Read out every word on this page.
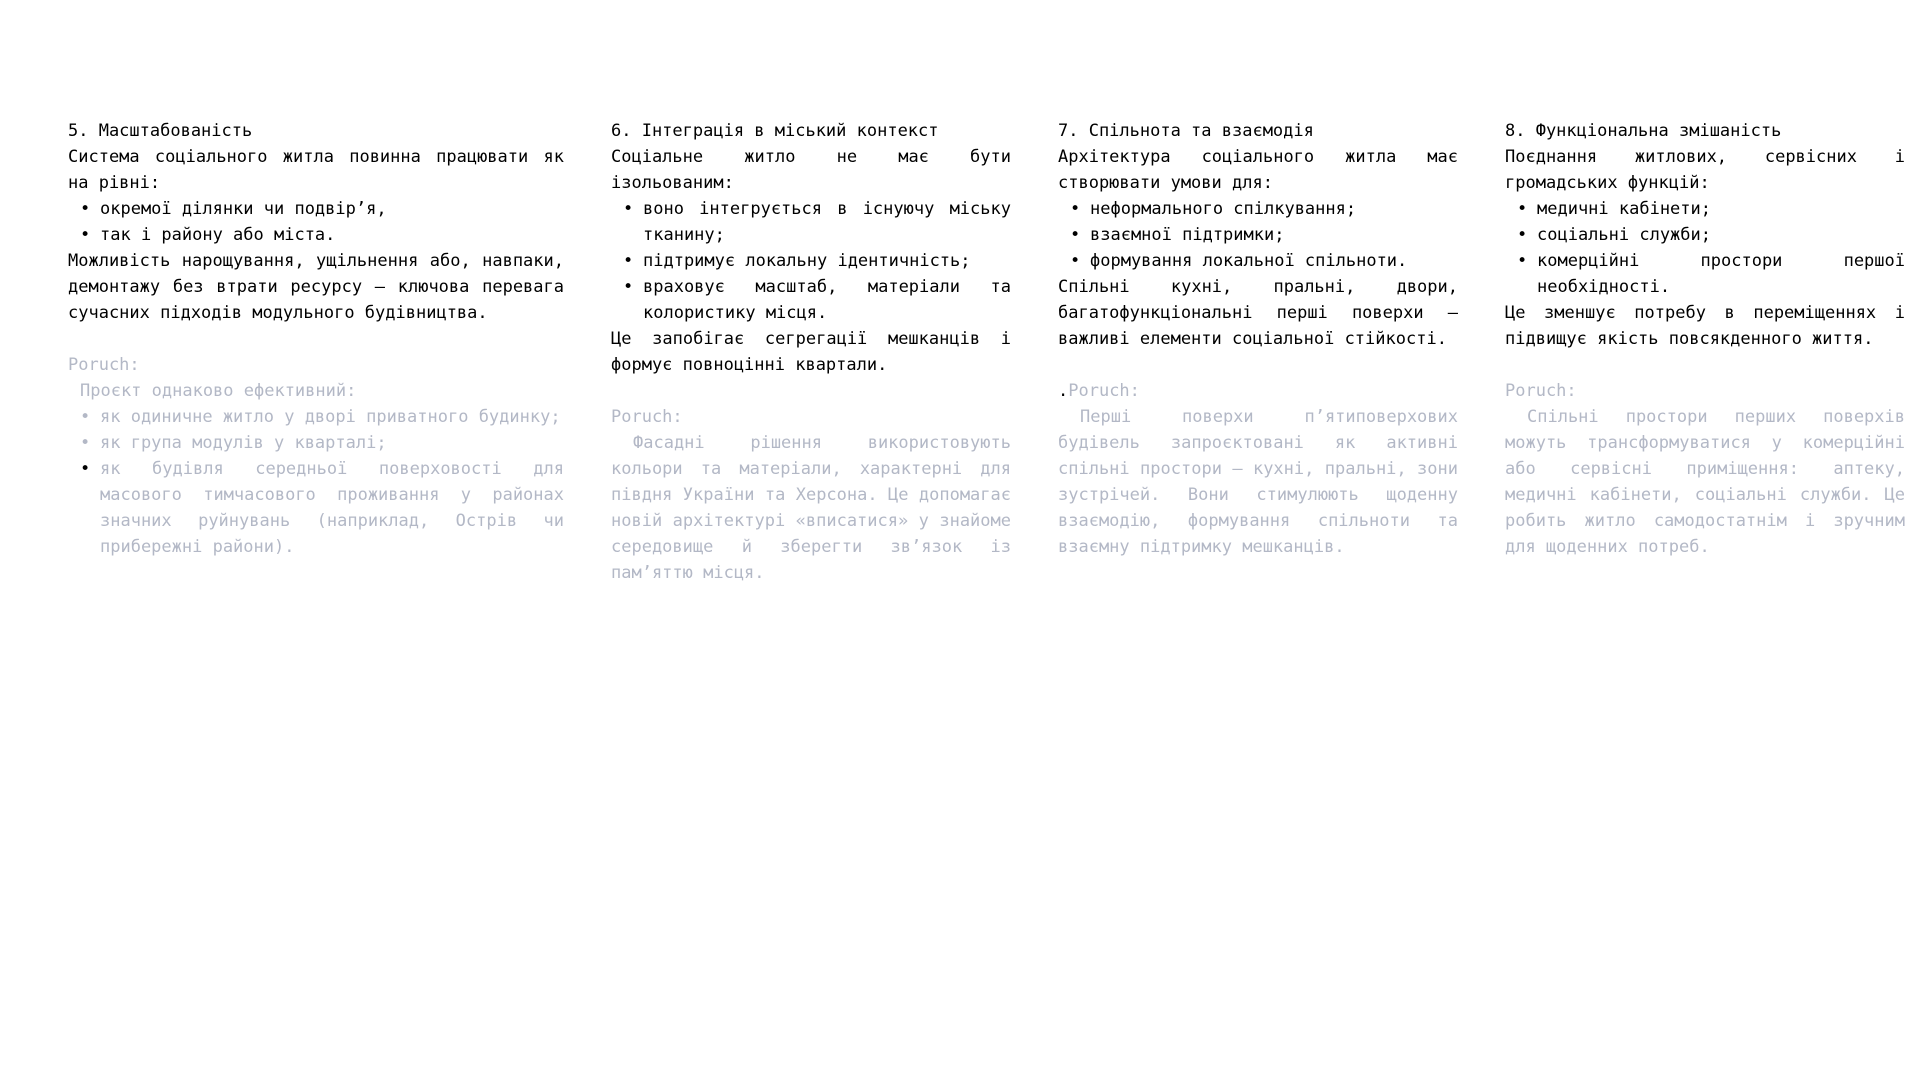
5. Масштабованість

Система соціального житла повинна працювати як на рівні:

• окремої ділянки чи подвір’я,
• так і району або міста.

Можливість нарощування, ущільнення або, навпаки, демонтажу без втрати ресурсу — ключова перевага сучасних підходів модульного будівництва.

Poruch:

Проєкт однаково ефективний:

• як одиничне житло у дворі приватного будинку;
• як група модулів у кварталі;
• як будівля середньої поверховості для масового тимчасового проживання у районах значних руйнувань (наприклад, Острів чи прибережні райони).

6. Інтеграція в міський контекст

Соціальне житло не має бути ізольованим:

• воно інтегрується в існуючу міську тканину;
• підтримує локальну ідентичність;
• враховує масштаб, матеріали та колористику місця.

Це запобігає сегрегації мешканців і формує повноцінні квартали.

Poruch:

Фасадні рішення використовують кольори та матеріали, характерні для півдня України та Херсона. Це допомагає новій архітектурі «вписатися» у знайоме середовище й зберегти зв’язок із пам’яттю місця.

7. Спільнота та взаємодія

Архітектура соціального житла має створювати умови для:

• неформального спілкування;
• взаємної підтримки;
• формування локальної спільноти.

Спільні кухні, пральні, двори, багатофункціональні перші поверхи — важливі елементи соціальної стійкості.

.Poruch:

Перші поверхи п’ятиповерхових будівель запроєктовані як активні спільні простори — кухні, пральні, зони зустрічей. Вони стимулюють щоденну взаємодію, формування спільноти та взаємну підтримку мешканців.

8. Функціональна змішаність

Поєднання житлових, сервісних і громадських функцій:

• медичні кабінети;
• соціальні служби;
• комерційні простори першої необхідності.

Це зменшує потребу в переміщеннях і підвищує якість повсякденного життя.

Poruch:

Спільні простори перших поверхів можуть трансформуватися у комерційні або сервісні приміщення: аптеку, медичні кабінети, соціальні служби. Це робить житло самодостатнім і зручним для щоденних потреб.
